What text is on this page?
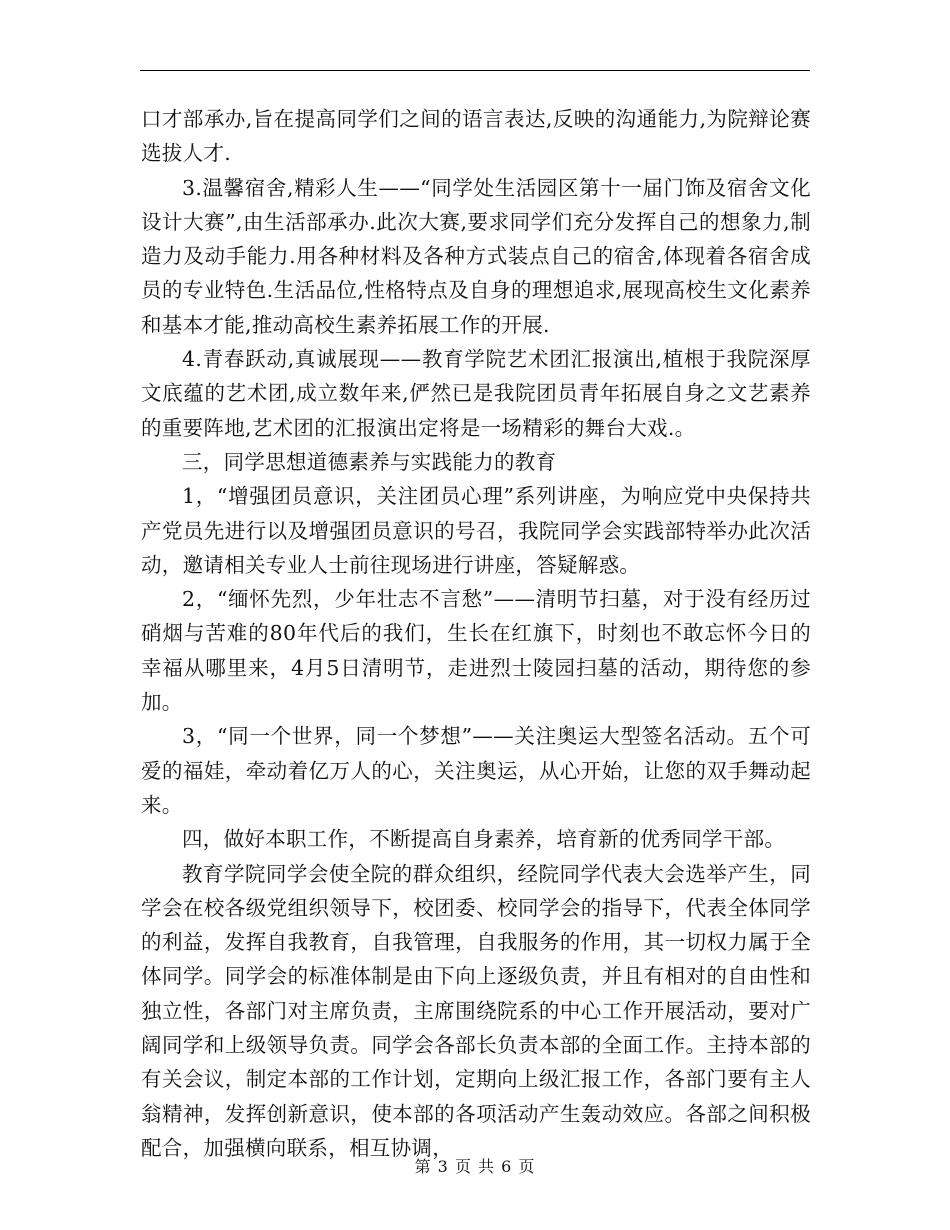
口才部承办,旨在提高同学们之间的语言表达,反映的沟通能力,为院辩论赛选拔人才.

3.温馨宿舍,精彩人生——“同学处生活园区第十一届门饰及宿舍文化设计大赛”,由生活部承办.此次大赛,要求同学们充分发挥自己的想象力,制造力及动手能力.用各种材料及各种方式装点自己的宿舍,体现着各宿舍成员的专业特色.生活品位,性格特点及自身的理想追求,展现高校生文化素养和基本才能,推动高校生素养拓展工作的开展.

4.青春跃动,真诚展现——教育学院艺术团汇报演出,植根于我院深厚文底蕴的艺术团,成立数年来,俨然已是我院团员青年拓展自身之文艺素养的重要阵地,艺术团的汇报演出定将是一场精彩的舞台大戏.。

三，同学思想道德素养与实践能力的教育

1，“增强团员意识，关注团员心理”系列讲座，为响应党中央保持共产党员先进行以及增强团员意识的号召，我院同学会实践部特举办此次活动，邀请相关专业人士前往现场进行讲座，答疑解惑。

2，“缅怀先烈，少年壮志不言愁”——清明节扫墓，对于没有经历过硝烟与苦难的80年代后的我们，生长在红旗下，时刻也不敢忘怀今日的幸福从哪里来，4月5日清明节，走进烈士陵园扫墓的活动，期待您的参加。

3，“同一个世界，同一个梦想”——关注奥运大型签名活动。五个可爱的福娃，牵动着亿万人的心，关注奥运，从心开始，让您的双手舞动起来。

四，做好本职工作，不断提高自身素养，培育新的优秀同学干部。

教育学院同学会使全院的群众组织，经院同学代表大会选举产生，同学会在校各级党组织领导下，校团委、校同学会的指导下，代表全体同学的利益，发挥自我教育，自我管理，自我服务的作用，其一切权力属于全体同学。同学会的标准体制是由下向上逐级负责，并且有相对的自由性和独立性，各部门对主席负责，主席围绕院系的中心工作开展活动，要对广阔同学和上级领导负责。同学会各部长负责本部的全面工作。主持本部的有关会议，制定本部的工作计划，定期向上级汇报工作，各部门要有主人翁精神，发挥创新意识，使本部的各项活动产生轰动效应。各部之间积极配合，加强横向联系，相互协调，

第 3 页 共 6 页
